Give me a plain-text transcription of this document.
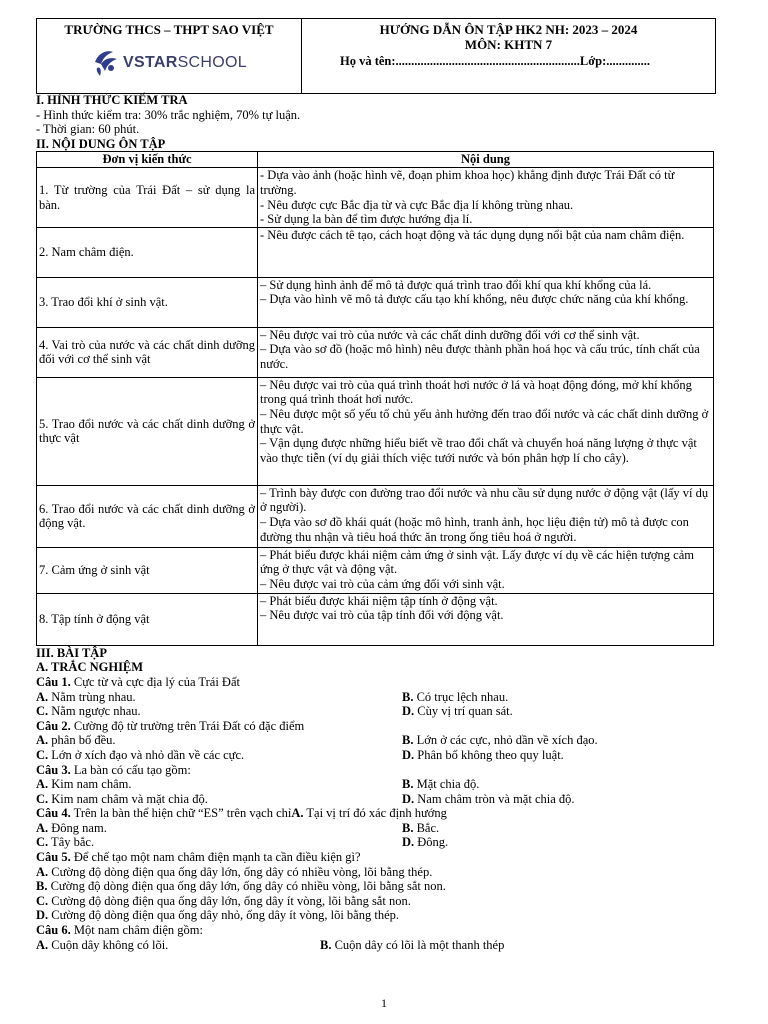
TRƯỜNG THCS – THPT SAO VIỆT
VSTARSCHOOL
HƯỚNG DẪN ÔN TẬP HK2 NH: 2023 – 2024
MÔN: KHTN 7
Họ và tên:...........................................................Lớp:..............
I. HÌNH THỨC KIỂM TRA
- Hình thức kiểm tra: 30% trắc nghiệm, 70% tự luận.
- Thời gian: 60 phút.
II. NỘI DUNG ÔN TẬP
Đơn vị kiến thức	Nội dung
1. Từ trường của Trái Đất – sử dụng la bàn.	- Dựa vào ảnh (hoặc hình vẽ, đoạn phim khoa học) khẳng định được Trái Đất có từ trường.
- Nêu được cực Bắc địa từ và cực Bắc địa lí không trùng nhau.
- Sử dụng la bàn để tìm được hướng địa lí.

2. Nam châm điện.	- Nêu được cách tê tạo, cách hoạt động và tác dụng dụng nổi bật của nam châm điện.

3. Trao đổi khí ở sinh vật.	– Sử dụng hình ảnh để mô tả được quá trình trao đổi khí qua khí khổng của lá.
– Dựa vào hình vẽ mô tả được cấu tạo khí khổng, nêu được chức năng của khí khổng.

4. Vai trò của nước và các chất dinh dưỡng đối với cơ thể sinh vật	– Nêu được vai trò của nước và các chất dinh dưỡng đối với cơ thể sinh vật.
– Dựa vào sơ đồ (hoặc mô hình) nêu được thành phần hoá học và cấu trúc, tính chất của nước.

5. Trao đổi nước và các chất dinh dưỡng ở thực vật	– Nêu được vai trò của quá trình thoát hơi nước ở lá và hoạt động đóng, mở khí khổng trong quá trình thoát hơi nước.
– Nêu được một số yếu tố chủ yếu ảnh hưởng đến trao đổi nước và các chất dinh dưỡng ở thực vật.
– Vận dụng được những hiểu biết về trao đổi chất và chuyển hoá năng lượng ở thực vật vào thực tiễn (ví dụ giải thích việc tưới nước và bón phân hợp lí cho cây).

6. Trao đổi nước và các chất dinh dưỡng ở động vật.	– Trình bày được con đường trao đổi nước và nhu cầu sử dụng nước ở động vật (lấy ví dụ ở người).
– Dựa vào sơ đồ khái quát (hoặc mô hình, tranh ảnh, học liệu điện tử) mô tả được con đường thu nhận và tiêu hoá thức ăn trong ống tiêu hoá ở người.

7. Cảm ứng ở sinh vật	– Phát biểu được khái niệm cảm ứng ở sinh vật. Lấy được ví dụ về các hiện tượng cảm ứng ở thực vật và động vật.
– Nêu được vai trò của cảm ứng đối với sinh vật.

8. Tập tính ở động vật	– Phát biểu được khái niệm tập tính ở động vật.
– Nêu được vai trò của tập tính đối với động vật.
III. BÀI TẬP
A. TRẮC NGHIỆM
Câu 1. Cực từ và cực địa lý của Trái Đất
A. Nằm trùng nhau.	B. Có trục lệch nhau.
C. Nằm ngược nhau.	D. Cùy vị trí quan sát.
Câu 2. Cường độ từ trường trên Trái Đất có đặc điểm
A. phân bố đều.	B. Lớn ở các cực, nhỏ dần về xích đạo.
C. Lớn ở xích đạo và nhỏ dần về các cực.	D. Phân bố không theo quy luật.
Câu 3. La bàn có cấu tạo gồm:
A. Kim nam châm.	B. Mặt chia độ.
C. Kim nam châm và mặt chia độ.	D. Nam châm tròn và mặt chia độ.
Câu 4. Trên la bàn thể hiện chữ “ES” trên vạch chỉA. Tại vị trí đó xác định hướng
A. Đông nam.	B. Bắc.
C. Tây bắc.	D. Đông.
Câu 5. Để chế tạo một nam châm điện mạnh ta cần điều kiện gì?
A. Cường độ dòng điện qua ống dây lớn, ống dây có nhiều vòng, lõi bằng thép.
B. Cường độ dòng điện qua ống dây lớn, ống dây có nhiều vòng, lõi bằng sắt non.
C. Cường độ dòng điện qua ống dây lớn, ống dây ít vòng, lõi bằng sắt non.
D. Cường độ dòng điện qua ống dây nhỏ, ống dây ít vòng, lõi bằng thép.
Câu 6. Một nam châm điện gồm:
A. Cuộn dây không có lõi.	B. Cuộn dây có lõi là một thanh thép
1
